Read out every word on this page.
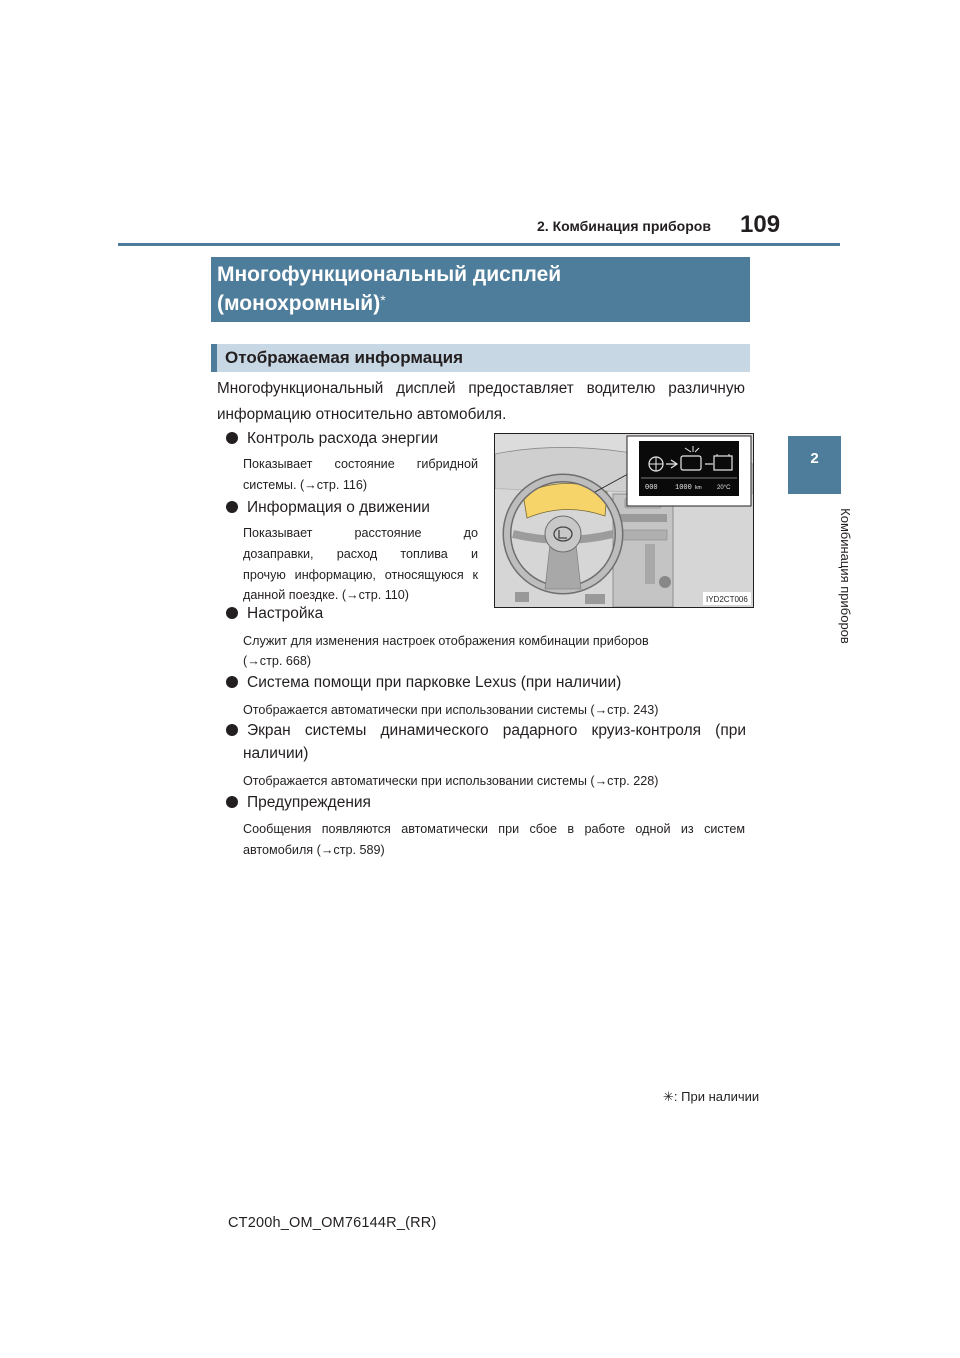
2. Комбинация приборов 109
2
Комбинация приборов
Многофункциональный дисплей
(монохромный)*
Отображаемая информация
Многофункциональный дисплей предоставляет водителю различную информацию относительно автомобиля.
Контроль расхода энергии
Показывает состояние гибридной
системы. (→стр. 116)
Информация о движении
Показывает расстояние до
дозаправки, расход топлива и
прочую информацию, относящуюся к
данной поездке. (→стр. 110)
Настройка
Служит для изменения настроек отображения комбинации приборов
(→стр. 668)
Система помощи при парковке Lexus (при наличии)
Отображается автоматически при использовании системы (→стр. 243)
Экран системы динамического радарного круиз-контроля (при
наличии)
Отображается автоматически при использовании системы (→стр. 228)
Предупреждения
Сообщения появляются автоматически при сбое в работе одной из систем
автомобиля (→стр. 589)
000 1000 km	20°C
IYD2CT006
✳: При наличии
CT200h_OM_OM76144R_(RR)
